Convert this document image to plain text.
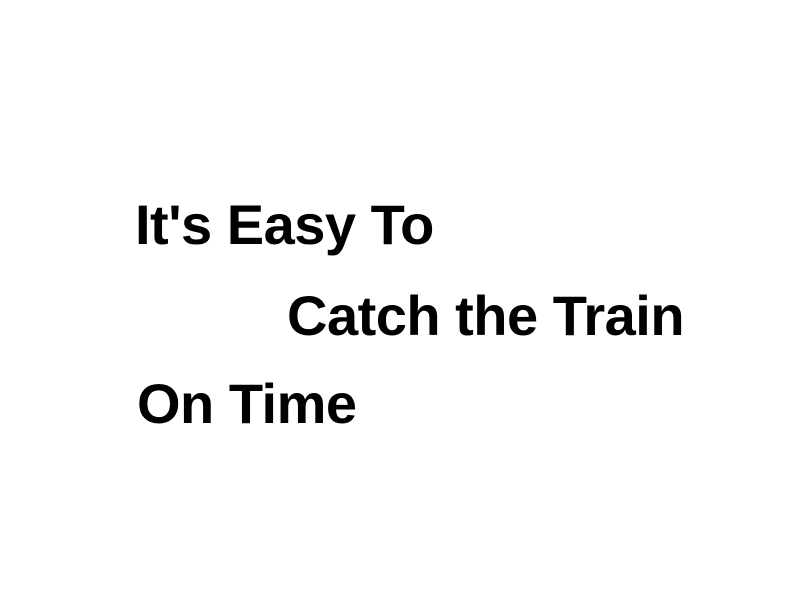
It's Easy To

Catch the Train

On Time
